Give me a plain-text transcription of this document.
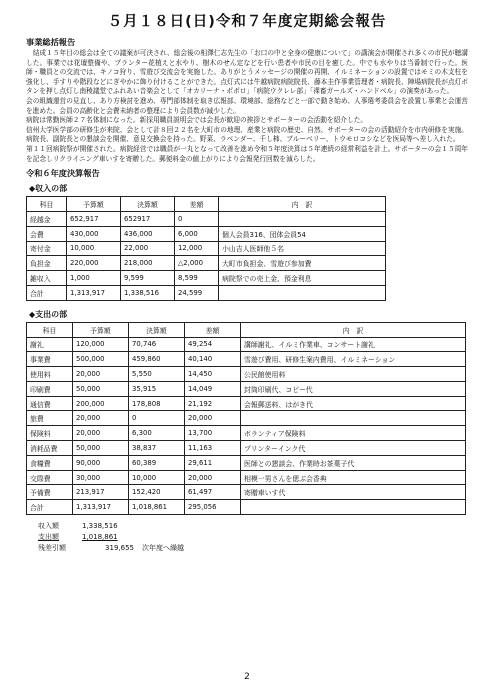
５月１８日(日)令和７年度定期総会報告
事業総括報告

　結成１５年目の総会は全ての議案が可決され、総会後の相澤仁志先生の「お口の中と全身の健康について」の講演会が開催され多くの市民が聴講した。事業では花壇整備や、プランター花植えと水やり、樹木のせん定などを行い患者や市民の目を癒した。中でも水やりは当番制で行った。医師・職員との交流では、キノコ狩り、雪遊び交流会を実施した。ありがとうメッセージの開催の再開、イルミネーションの設置ではモミの木支柱を強化し、手すりや階段などにぎやかに飾り付けることができた。点灯式には牛越病院病院院長、藤本圭作事業管理者・病院長、陣場病院長が点灯ボタンを押し点灯し南稜議堂でふれあい音楽会として「オカリーナ・ポポロ」「病院ウクレレ部」「裸畜ガールズ・ハンドベル」の演奏があった。

会の組織運営の見直し、あり方検討を進め、専門部体制を取き広報部、環境部、総務などと一部で動き始め、人事選考委員会を設置し事業と会運営を進めた。会員の高齢化と会費未納者の整理により会員数が減少した。

病院は常勤医師２７名体制になった。新採用職員説明会では会長が歓迎の挨拶とサポーターの会活動を紹介した。

信州大学医学部の研修生が来院、会として計８回２２名を大町市の地理、産業と病院の歴史、自然、サポーターの会の活動紹介を市内研修を実施。病院長、副院長との懇談会を開催、意見交換会を持った。野菜、ラベンダー、千し柿、ブルーベリー、トウモロコシなどを医局等へ差し入れた。

第１１回病院祭が開催された。病院経営では職員が一丸となって改善を進め令和５年度決算は５年連続の経常利益を計上。サポーターの会１５周年を記念しリクライニング車いすを寄贈した。郵便料金の値上がりにより会報発行回数を減らした。

令和６年度決算報告
◆収入の部
科目	予算額	決算額	差額	内　訳
経越金	652,917	652917	0	
会費	430,000	436,000	6,000	個人会員316、団体会員54
寄付金	10,000	22,000	12,000	小山吉人医師他５名
負担金	220,000	218,000	△2,000	大町市負担金、雪遊び参加費
雑収入	1,000	9,599	8,599	病院祭での売上金、預金利息
合計	1,313,917	1,338,516	24,599	
◆支出の部
科目	予算額	決算額	差額	内　訳
謝礼	120,000	70,746	49,254	講師謝礼、イルミ作業車、コンサート謝礼
事業費	500,000	459,860	40,140	雪遊び費用、研修生案内費用、イルミネーション
使用料	20,000	5,550	14,450	公民館使用料
印刷費	50,000	35,915	14,049	封筒印刷代、コピー代
通信費	200,000	178,808	21,192	会報郵送料、はがき代
旅費	20,000	0	20,000	
保険料	20,000	6,300	13,700	ボランティア保険料
消耗品費	50,000	38,837	11,163	プリンターインク代
食糧費	90,000	60,389	29,611	医師との懇談会、作業時お茶菓子代
交際費	30,000	10,000	20,000	相模一男さんを偲ぶ会香典
予備費	213,917	152,420	61,497	寄贈車いす代
合計	1,313,917	1,018,861	295,056	
収入額	1,338,516
支出額	1,018,861
残差引額	319,655 次年度へ繰越
2
